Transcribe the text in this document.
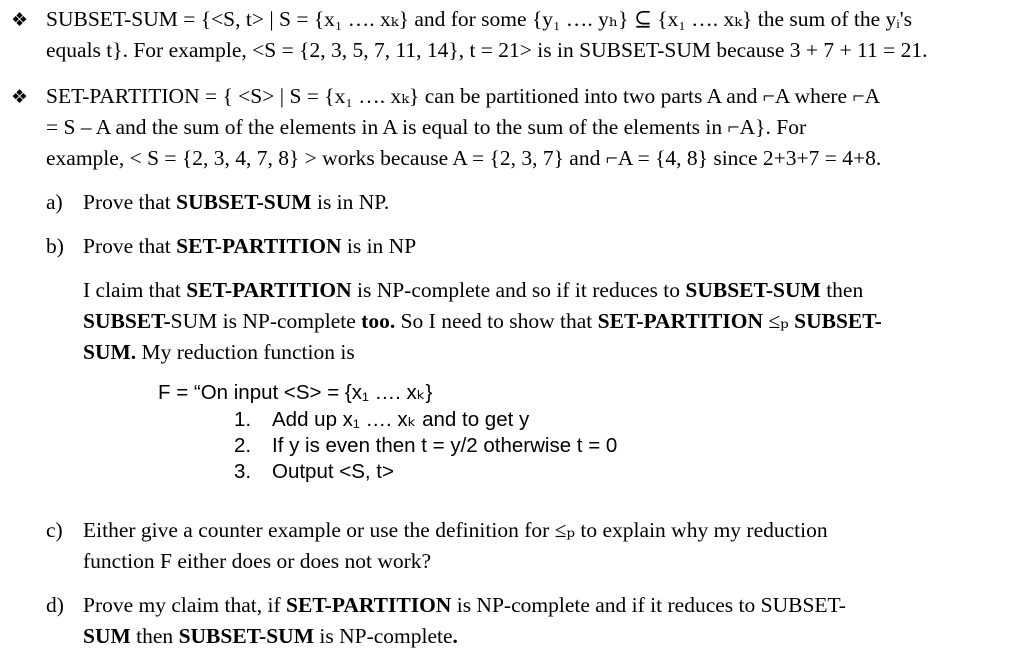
❖ SUBSET-SUM = {<S, t> | S = {x₁ …. xₖ} and for some {y₁ …. yₕ} ⊆ {x₁ …. xₖ} the sum of the yᵢ's
equals t}. For example, <S = {2, 3, 5, 7, 11, 14}, t = 21> is in SUBSET-SUM because 3 + 7 + 11 = 21.
❖ SET-PARTITION = { <S> | S = {x₁ …. xₖ} can be partitioned into two parts A and ⌐A where ⌐A
= S – A and the sum of the elements in A is equal to the sum of the elements in ⌐A}. For
example, < S = {2, 3, 4, 7, 8} > works because A = {2, 3, 7} and ⌐A = {4, 8} since 2+3+7 = 4+8.
a) Prove that SUBSET-SUM is in NP.
b) Prove that SET-PARTITION is in NP
I claim that SET-PARTITION is NP-complete and so if it reduces to SUBSET-SUM then
SUBSET-SUM is NP-complete too. So I need to show that SET-PARTITION ≤ₚ SUBSET-
SUM. My reduction function is
F = “On input <S> = {x₁ …. xₖ}
1. Add up x₁ …. xₖ and to get y
2. If y is even then t = y/2 otherwise t = 0
3. Output <S, t>
c) Either give a counter example or use the definition for ≤ₚ to explain why my reduction
function F either does or does not work?
d) Prove my claim that, if SET-PARTITION is NP-complete and if it reduces to SUBSET-
SUM then SUBSET-SUM is NP-complete.
